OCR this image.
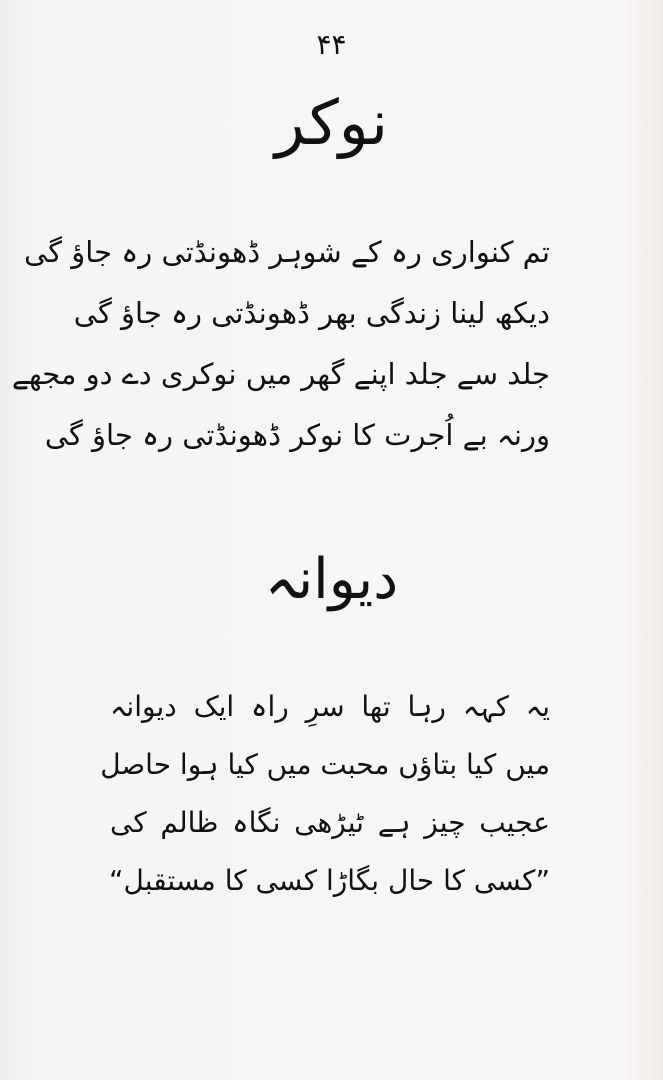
۴۴
نوکر
تم کنواری رہ کے شوہر ڈھونڈتی رہ جاؤ گی
دیکھ لینا زندگی بھر ڈھونڈتی رہ جاؤ گی
جلد سے جلد اپنے گھر میں نوکری دے دو مجھے
ورنہ بے اُجرت کا نوکر ڈھونڈتی رہ جاؤ گی
دیوانہ
یہ کہہ رہا تھا سرِ راہ ایک دیوانہ
میں کیا بتاؤں محبت میں کیا ہوا حاصل
عجیب چیز ہے ٹیڑھی نگاہ ظالم کی
”کسی کا حال بگاڑا کسی کا مستقبل“
